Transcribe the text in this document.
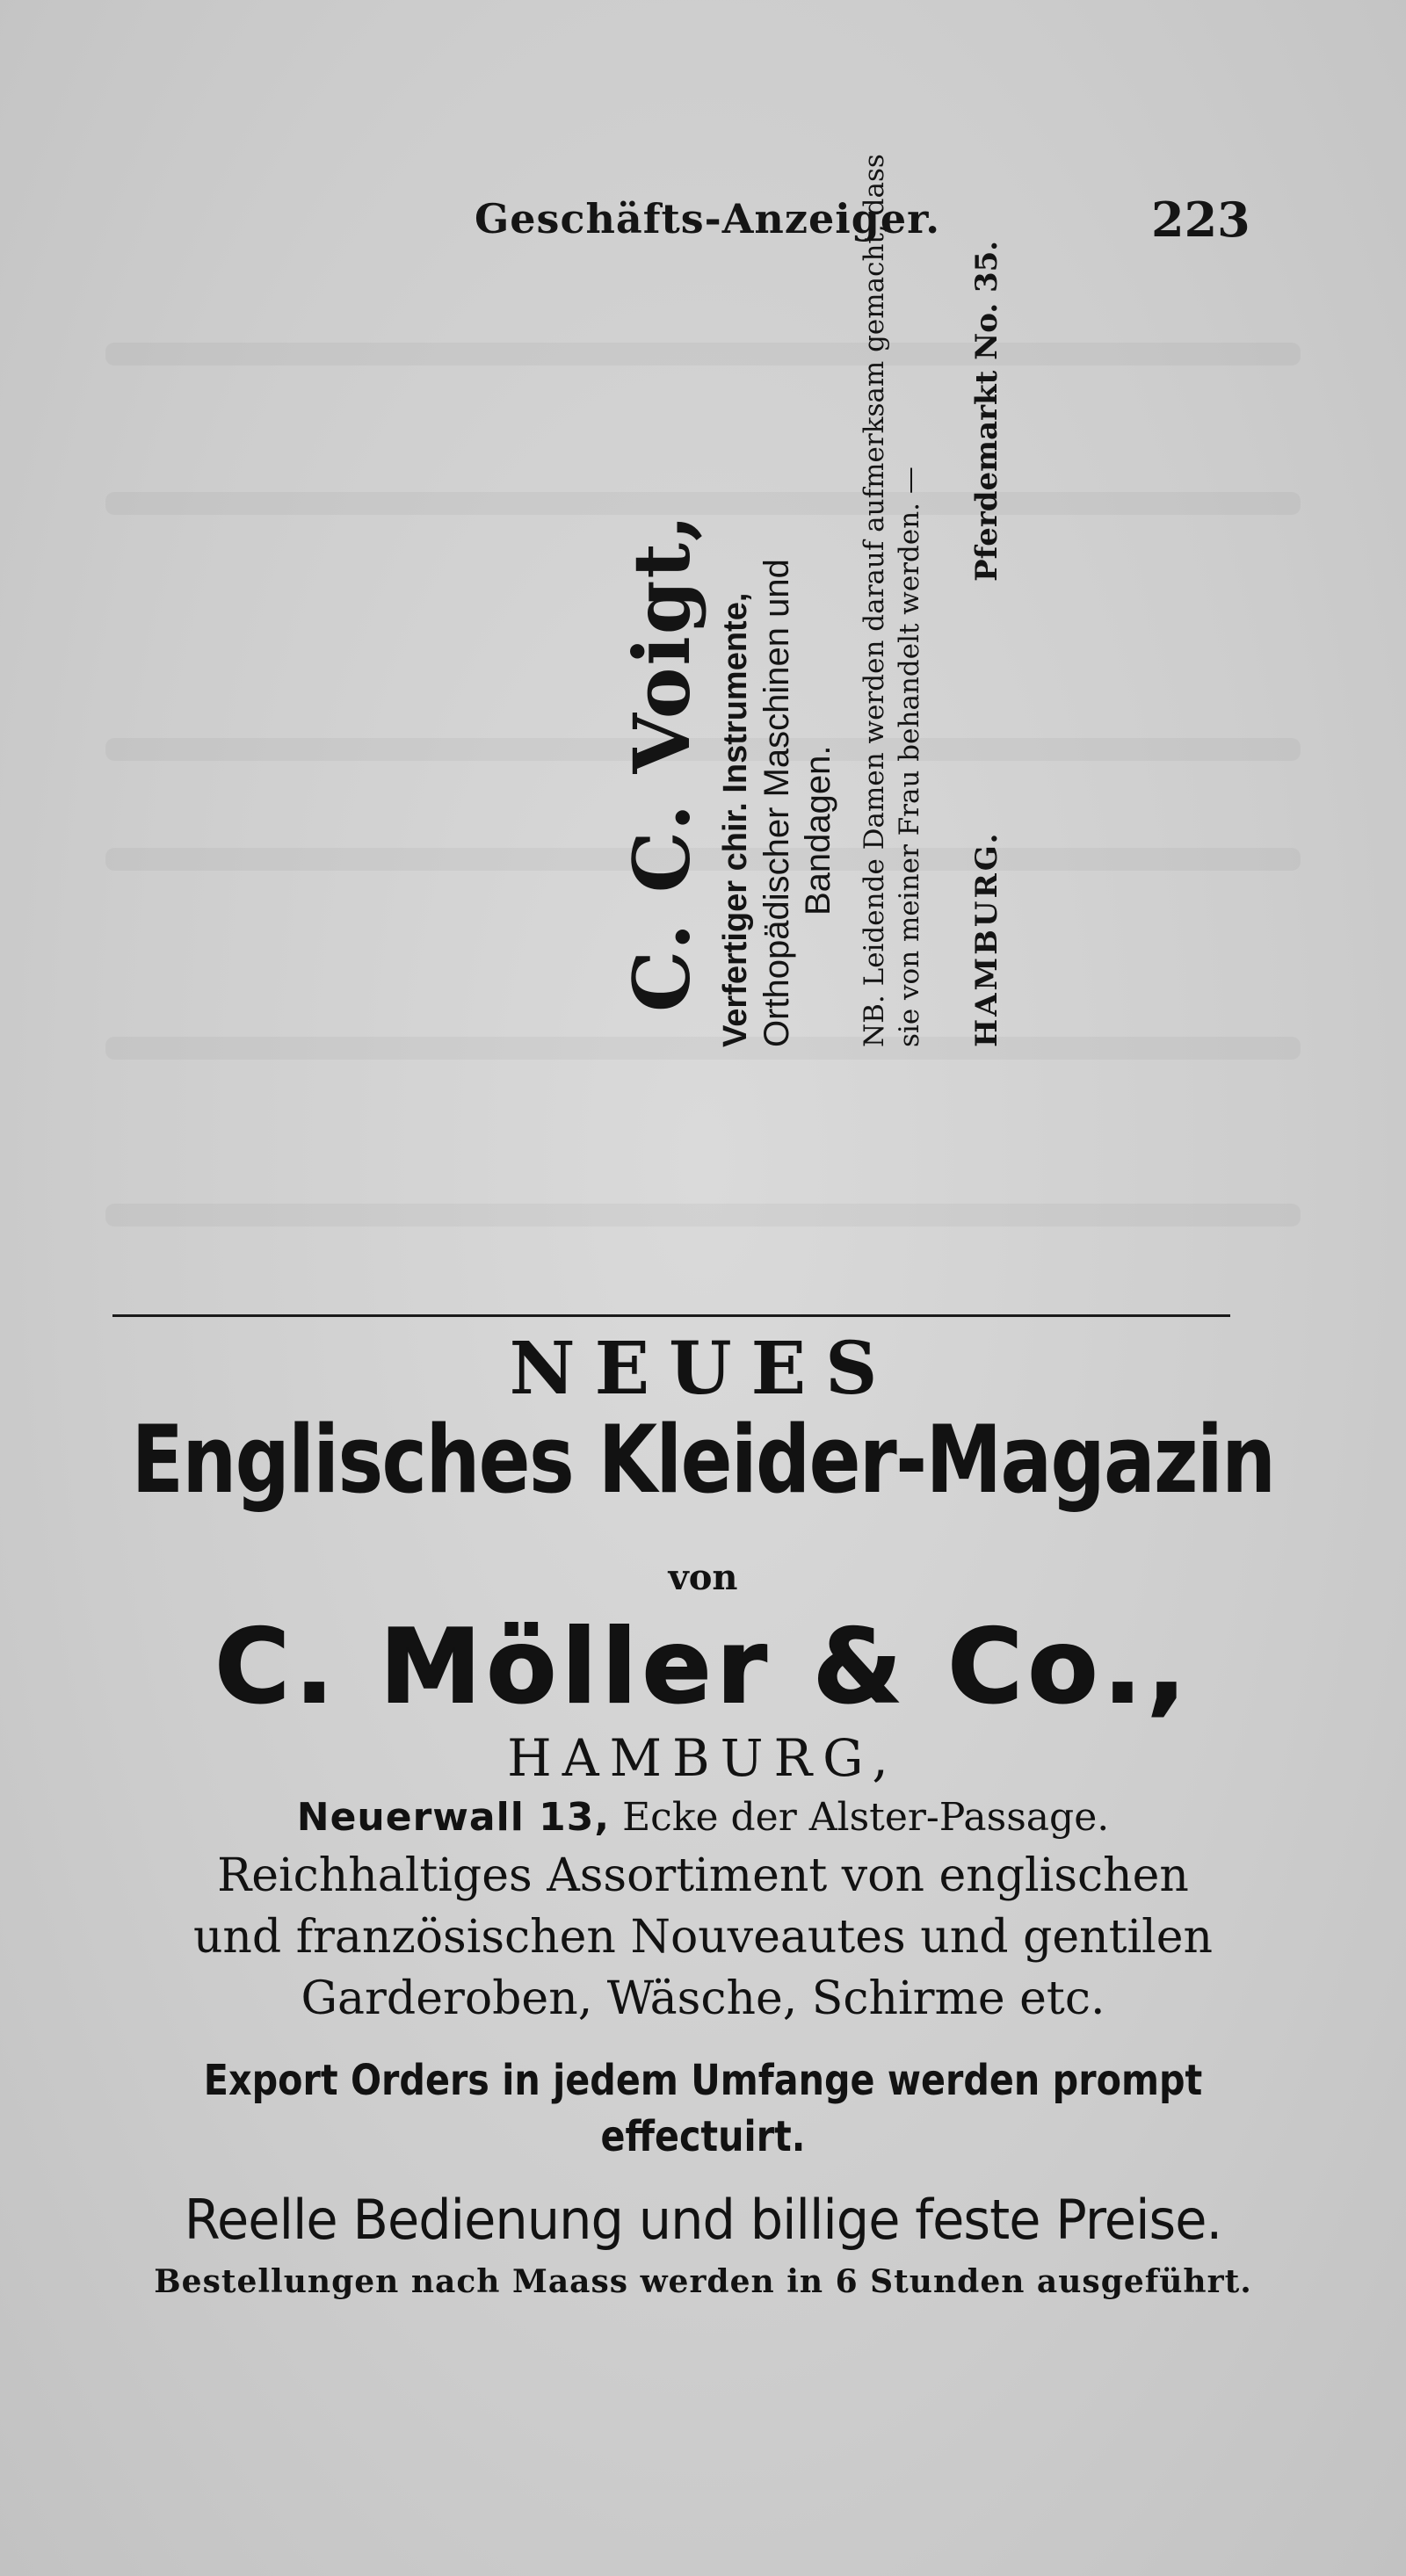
Geschäfts-Anzeiger.	223
C. C. Voigt, Verfertiger chir. Instrumente, Orthopädischer Maschinen und Bandagen. NB. Leidende Damen werden darauf aufmerksam gemacht, dass sie von meiner Frau behandelt werden. — HAMBURG.
Pferdemarkt No. 35.
NEUES
Englisches Kleider-Magazin
von
C. Möller & Co.,
HAMBURG,
Neuerwall 13, Ecke der Alster-Passage.
Reichhaltiges Assortiment von englischen
und französischen Nouveautes und gentilen
Garderoben, Wäsche, Schirme etc.
Export Orders in jedem Umfange werden prompt
effectuirt.
Reelle Bedienung und billige feste Preise.
Bestellungen nach Maass werden in 6 Stunden ausgeführt.
